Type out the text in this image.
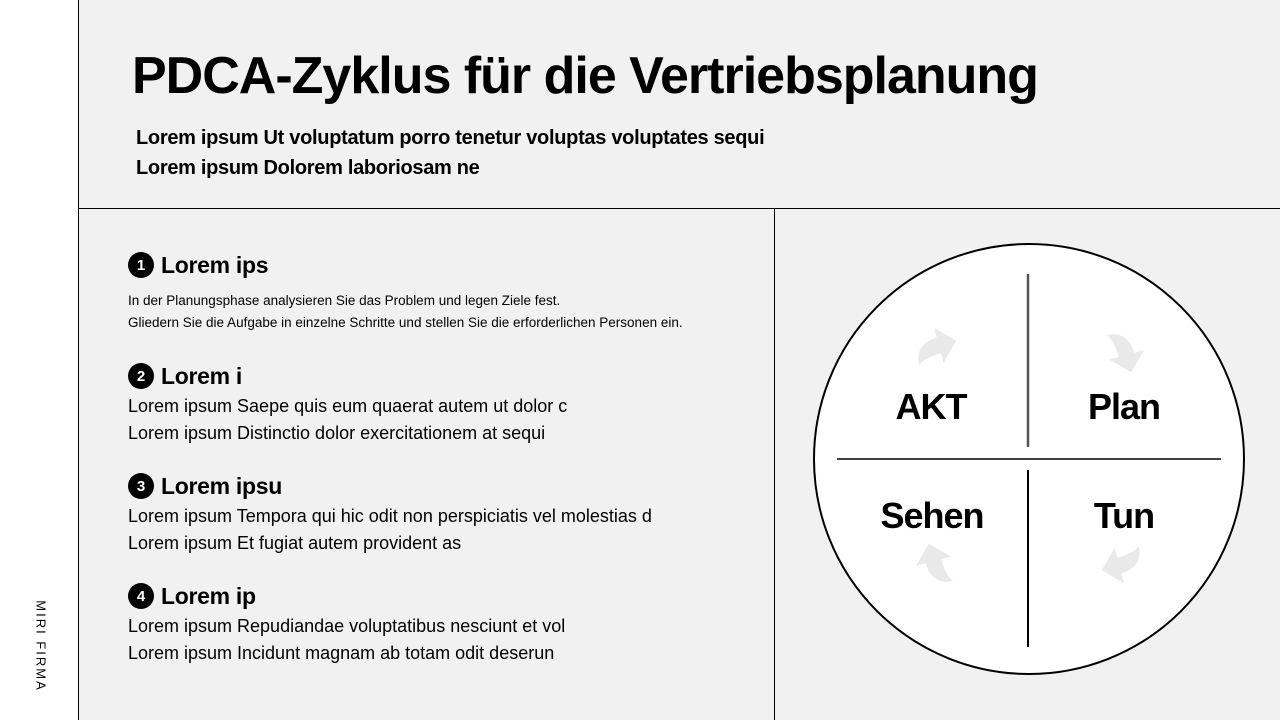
MIRI FIRMA
PDCA-Zyklus für die Vertriebsplanung
Lorem ipsum Ut voluptatum porro tenetur voluptas voluptates sequi
Lorem ipsum Dolorem laboriosam ne
1 Lorem ips
In der Planungsphase analysieren Sie das Problem und legen Ziele fest.
Gliedern Sie die Aufgabe in einzelne Schritte und stellen Sie die erforderlichen Personen ein.
2 Lorem i
Lorem ipsum Saepe quis eum quaerat autem ut dolor c
Lorem ipsum Distinctio dolor exercitationem at sequi
3 Lorem ipsu
Lorem ipsum Tempora qui hic odit non perspiciatis vel molestias d
Lorem ipsum Et fugiat autem provident as
4 Lorem ip
Lorem ipsum Repudiandae voluptatibus nesciunt et vol
Lorem ipsum Incidunt magnam ab totam odit deserun
AKT	Plan
Sehen	Tun
